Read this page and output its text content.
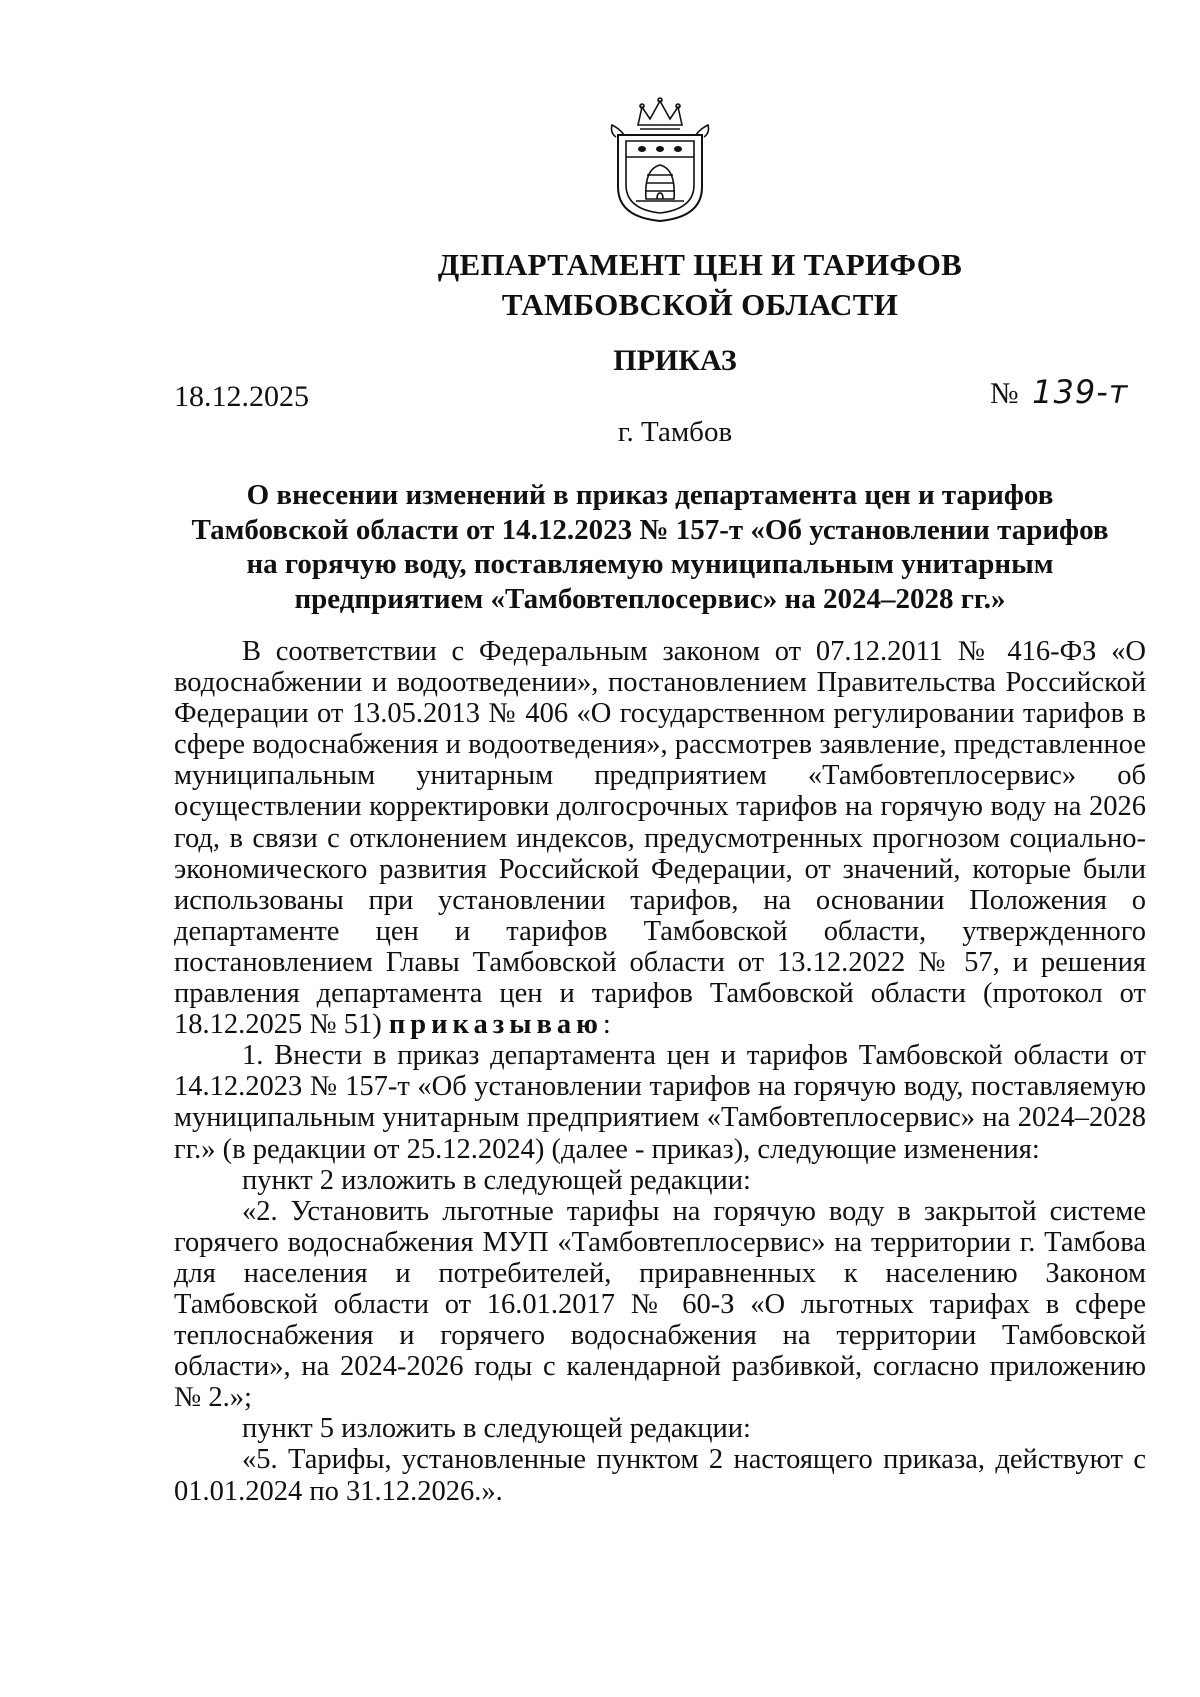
ДЕПАРТАМЕНТ ЦЕН И ТАРИФОВ
ТАМБОВСКОЙ ОБЛАСТИ
ПРИКАЗ
18.12.2025	№ 139-т
г. Тамбов
О внесении изменений в приказ департамента цен и тарифов
Тамбовской области от 14.12.2023 № 157-т «Об установлении тарифов
на горячую воду, поставляемую муниципальным унитарным
предприятием «Тамбовтеплосервис» на 2024–2028 гг.»

В соответствии с Федеральным законом от 07.12.2011 № 416-ФЗ «О водоснабжении и водоотведении», постановлением Правительства Российской Федерации от 13.05.2013 № 406 «О государственном регулировании тарифов в сфере водоснабжения и водоотведения», рассмотрев заявление, представленное муниципальным унитарным предприятием «Тамбовтеплосервис» об осуществлении корректировки долгосрочных тарифов на горячую воду на 2026 год, в связи с отклонением индексов, предусмотренных прогнозом социально-экономического развития Российской Федерации, от значений, которые были использованы при установлении тарифов, на основании Положения о департаменте цен и тарифов Тамбовской области, утвержденного постановлением Главы Тамбовской области от 13.12.2022 № 57, и решения правления департамента цен и тарифов Тамбовской области (протокол от 18.12.2025 № 51) приказываю:

1. Внести в приказ департамента цен и тарифов Тамбовской области от 14.12.2023 № 157-т «Об установлении тарифов на горячую воду, поставляемую муниципальным унитарным предприятием «Тамбовтеплосервис» на 2024–2028 гг.» (в редакции от 25.12.2024) (далее - приказ), следующие изменения:

пункт 2 изложить в следующей редакции:

«2. Установить льготные тарифы на горячую воду в закрытой системе горячего водоснабжения МУП «Тамбовтеплосервис» на территории г. Тамбова для населения и потребителей, приравненных к населению Законом Тамбовской области от 16.01.2017 № 60-З «О льготных тарифах в сфере теплоснабжения и горячего водоснабжения на территории Тамбовской области», на 2024-2026 годы с календарной разбивкой, согласно приложению № 2.»;

пункт 5 изложить в следующей редакции:

«5. Тарифы, установленные пунктом 2 настоящего приказа, действуют с 01.01.2024 по 31.12.2026.».
